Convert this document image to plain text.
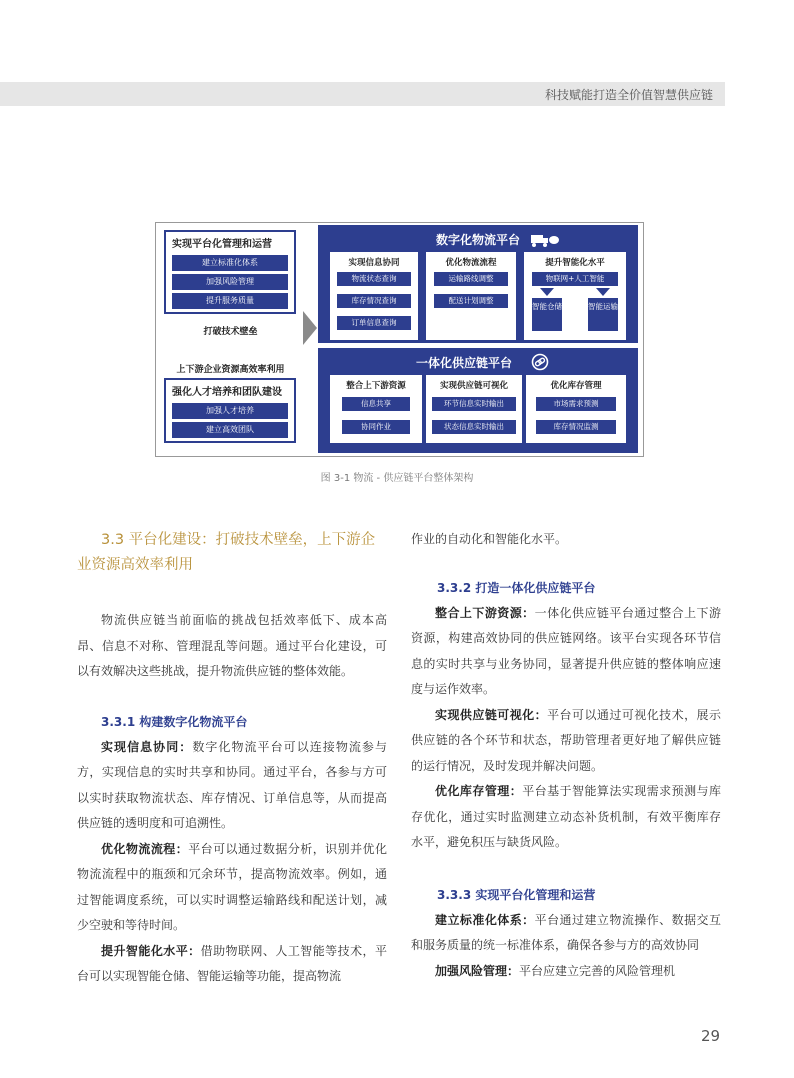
科技赋能打造全价值智慧供应链
实现平台化管理和运营
建立标准化体系
加强风险管理
提升服务质量
打破技术壁垒
上下游企业资源高效率利用
强化人才培养和团队建设
加强人才培养
建立高效团队
数字化物流平台
实现信息协同
物流状态查询
库存情况查询
订单信息查询
优化物流流程
运输路线调整
配送计划调整
提升智能化水平
物联网+人工智能
智能仓储	智能运输
一体化供应链平台
整合上下游资源
信息共享
协同作业
实现供应链可视化
环节信息实时输出
状态信息实时输出
优化库存管理
市场需求预测
库存情况监测
图 3-1 物流 - 供应链平台整体架构
3.3 平台化建设：打破技术壁垒，上下游企业资源高效率利用

物流供应链当前面临的挑战包括效率低下、成本高昂、信息不对称、管理混乱等问题。通过平台化建设，可以有效解决这些挑战，提升物流供应链的整体效能。

3.3.1 构建数字化物流平台

实现信息协同：数字化物流平台可以连接物流参与方，实现信息的实时共享和协同。通过平台，各参与方可以实时获取物流状态、库存情况、订单信息等，从而提高供应链的透明度和可追溯性。

优化物流流程：平台可以通过数据分析，识别并优化物流流程中的瓶颈和冗余环节，提高物流效率。例如，通过智能调度系统，可以实时调整运输路线和配送计划，减少空驶和等待时间。

提升智能化水平：借助物联网、人工智能等技术，平台可以实现智能仓储、智能运输等功能，提高物流

作业的自动化和智能化水平。

3.3.2 打造一体化供应链平台

整合上下游资源：一体化供应链平台通过整合上下游资源，构建高效协同的供应链网络。该平台实现各环节信息的实时共享与业务协同，显著提升供应链的整体响应速度与运作效率。

实现供应链可视化：平台可以通过可视化技术，展示供应链的各个环节和状态，帮助管理者更好地了解供应链的运行情况，及时发现并解决问题。

优化库存管理：平台基于智能算法实现需求预测与库存优化，通过实时监测建立动态补货机制，有效平衡库存水平，避免积压与缺货风险。

3.3.3 实现平台化管理和运营

建立标准化体系：平台通过建立物流操作、数据交互和服务质量的统一标准体系，确保各参与方的高效协同

加强风险管理：平台应建立完善的风险管理机

29
